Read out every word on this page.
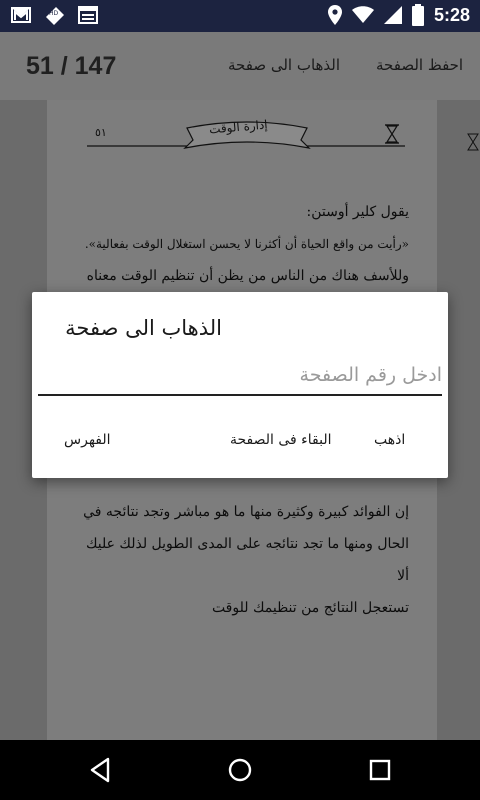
HD	5:28
51 / 147	الذهاب الى صفحة احفظ الصفحة
إدارة الوقت
٥١

يقول كلير أوستن:

«رأيت من واقع الحياة أن أكثرنا لا يحسن استغلال الوقت بفعالية».

وللأسف هناك من الناس من يظن أن تنظيم الوقت معناه

إن الفوائد كبيرة وكثيرة منها ما هو مباشر وتجد نتائجه في

الحال ومنها ما تجد نتائجه على المدى الطويل لذلك عليك ألا

تستعجل النتائج من تنظيمك للوقت

الذهاب الى صفحة
ادخل رقم الصفحة
اذهب
البقاء فى الصفحة
الفهرس
